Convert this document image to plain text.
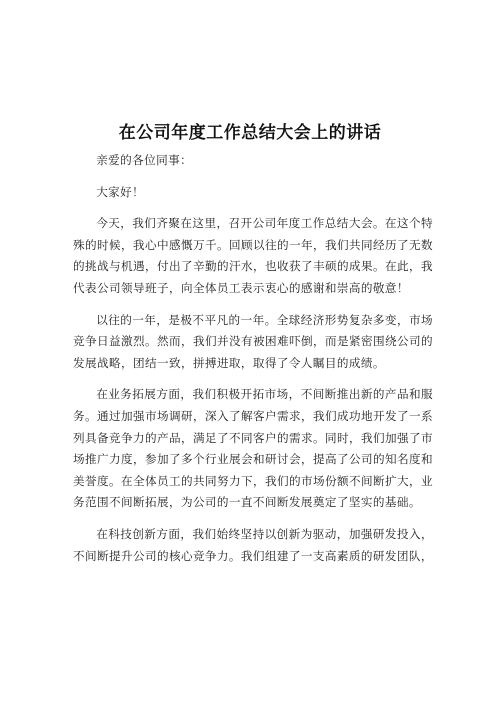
在公司年度工作总结大会上的讲话

亲爱的各位同事：

大家好！

今天，我们齐聚在这里，召开公司年度工作总结大会。在这个特殊的时候，我心中感慨万千。回顾以往的一年，我们共同经历了无数的挑战与机遇，付出了辛勤的汗水，也收获了丰硕的成果。在此，我代表公司领导班子，向全体员工表示衷心的感谢和崇高的敬意！

以往的一年，是极不平凡的一年。全球经济形势复杂多变，市场竞争日益激烈。然而，我们并没有被困难吓倒，而是紧密围绕公司的发展战略，团结一致，拼搏进取，取得了令人瞩目的成绩。

在业务拓展方面，我们积极开拓市场，不间断推出新的产品和服务。通过加强市场调研，深入了解客户需求，我们成功地开发了一系列具备竞争力的产品，满足了不同客户的需求。同时，我们加强了市场推广力度，参加了多个行业展会和研讨会，提高了公司的知名度和美誉度。在全体员工的共同努力下，我们的市场份额不间断扩大，业务范围不间断拓展，为公司的一直不间断发展奠定了坚实的基础。

在科技创新方面，我们始终坚持以创新为驱动，加强研发投入，不间断提升公司的核心竞争力。我们组建了一支高素质的研发团队，
